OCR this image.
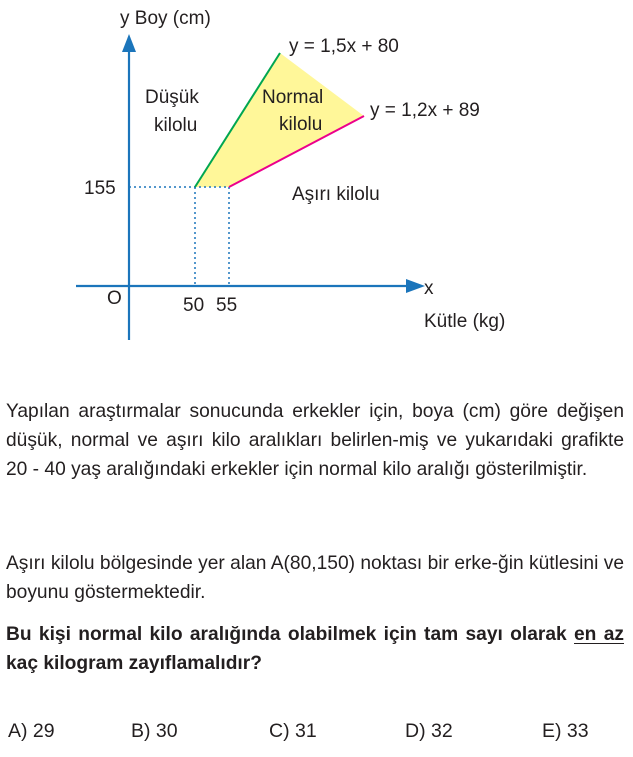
y Boy (cm)
y = 1,5x + 80
y = 1,2x + 89
Düşük
kilolu
Normal
kilolu
Aşırı kilolu
155
O	50 55
x
Kütle (kg)
Yapılan araştırmalar sonucunda erkekler için, boya (cm) göre değişen düşük, normal ve aşırı kilo aralıkları belirlen-miş ve yukarıdaki grafikte 20 - 40 yaş aralığındaki erkekler için normal kilo aralığı gösterilmiştir.
Aşırı kilolu bölgesinde yer alan A(80,150) noktası bir erke-ğin kütlesini ve boyunu göstermektedir.
Bu kişi normal kilo aralığında olabilmek için tam sayı olarak en az kaç kilogram zayıflamalıdır?
A) 29	B) 30	C) 31	D) 32	E) 33
